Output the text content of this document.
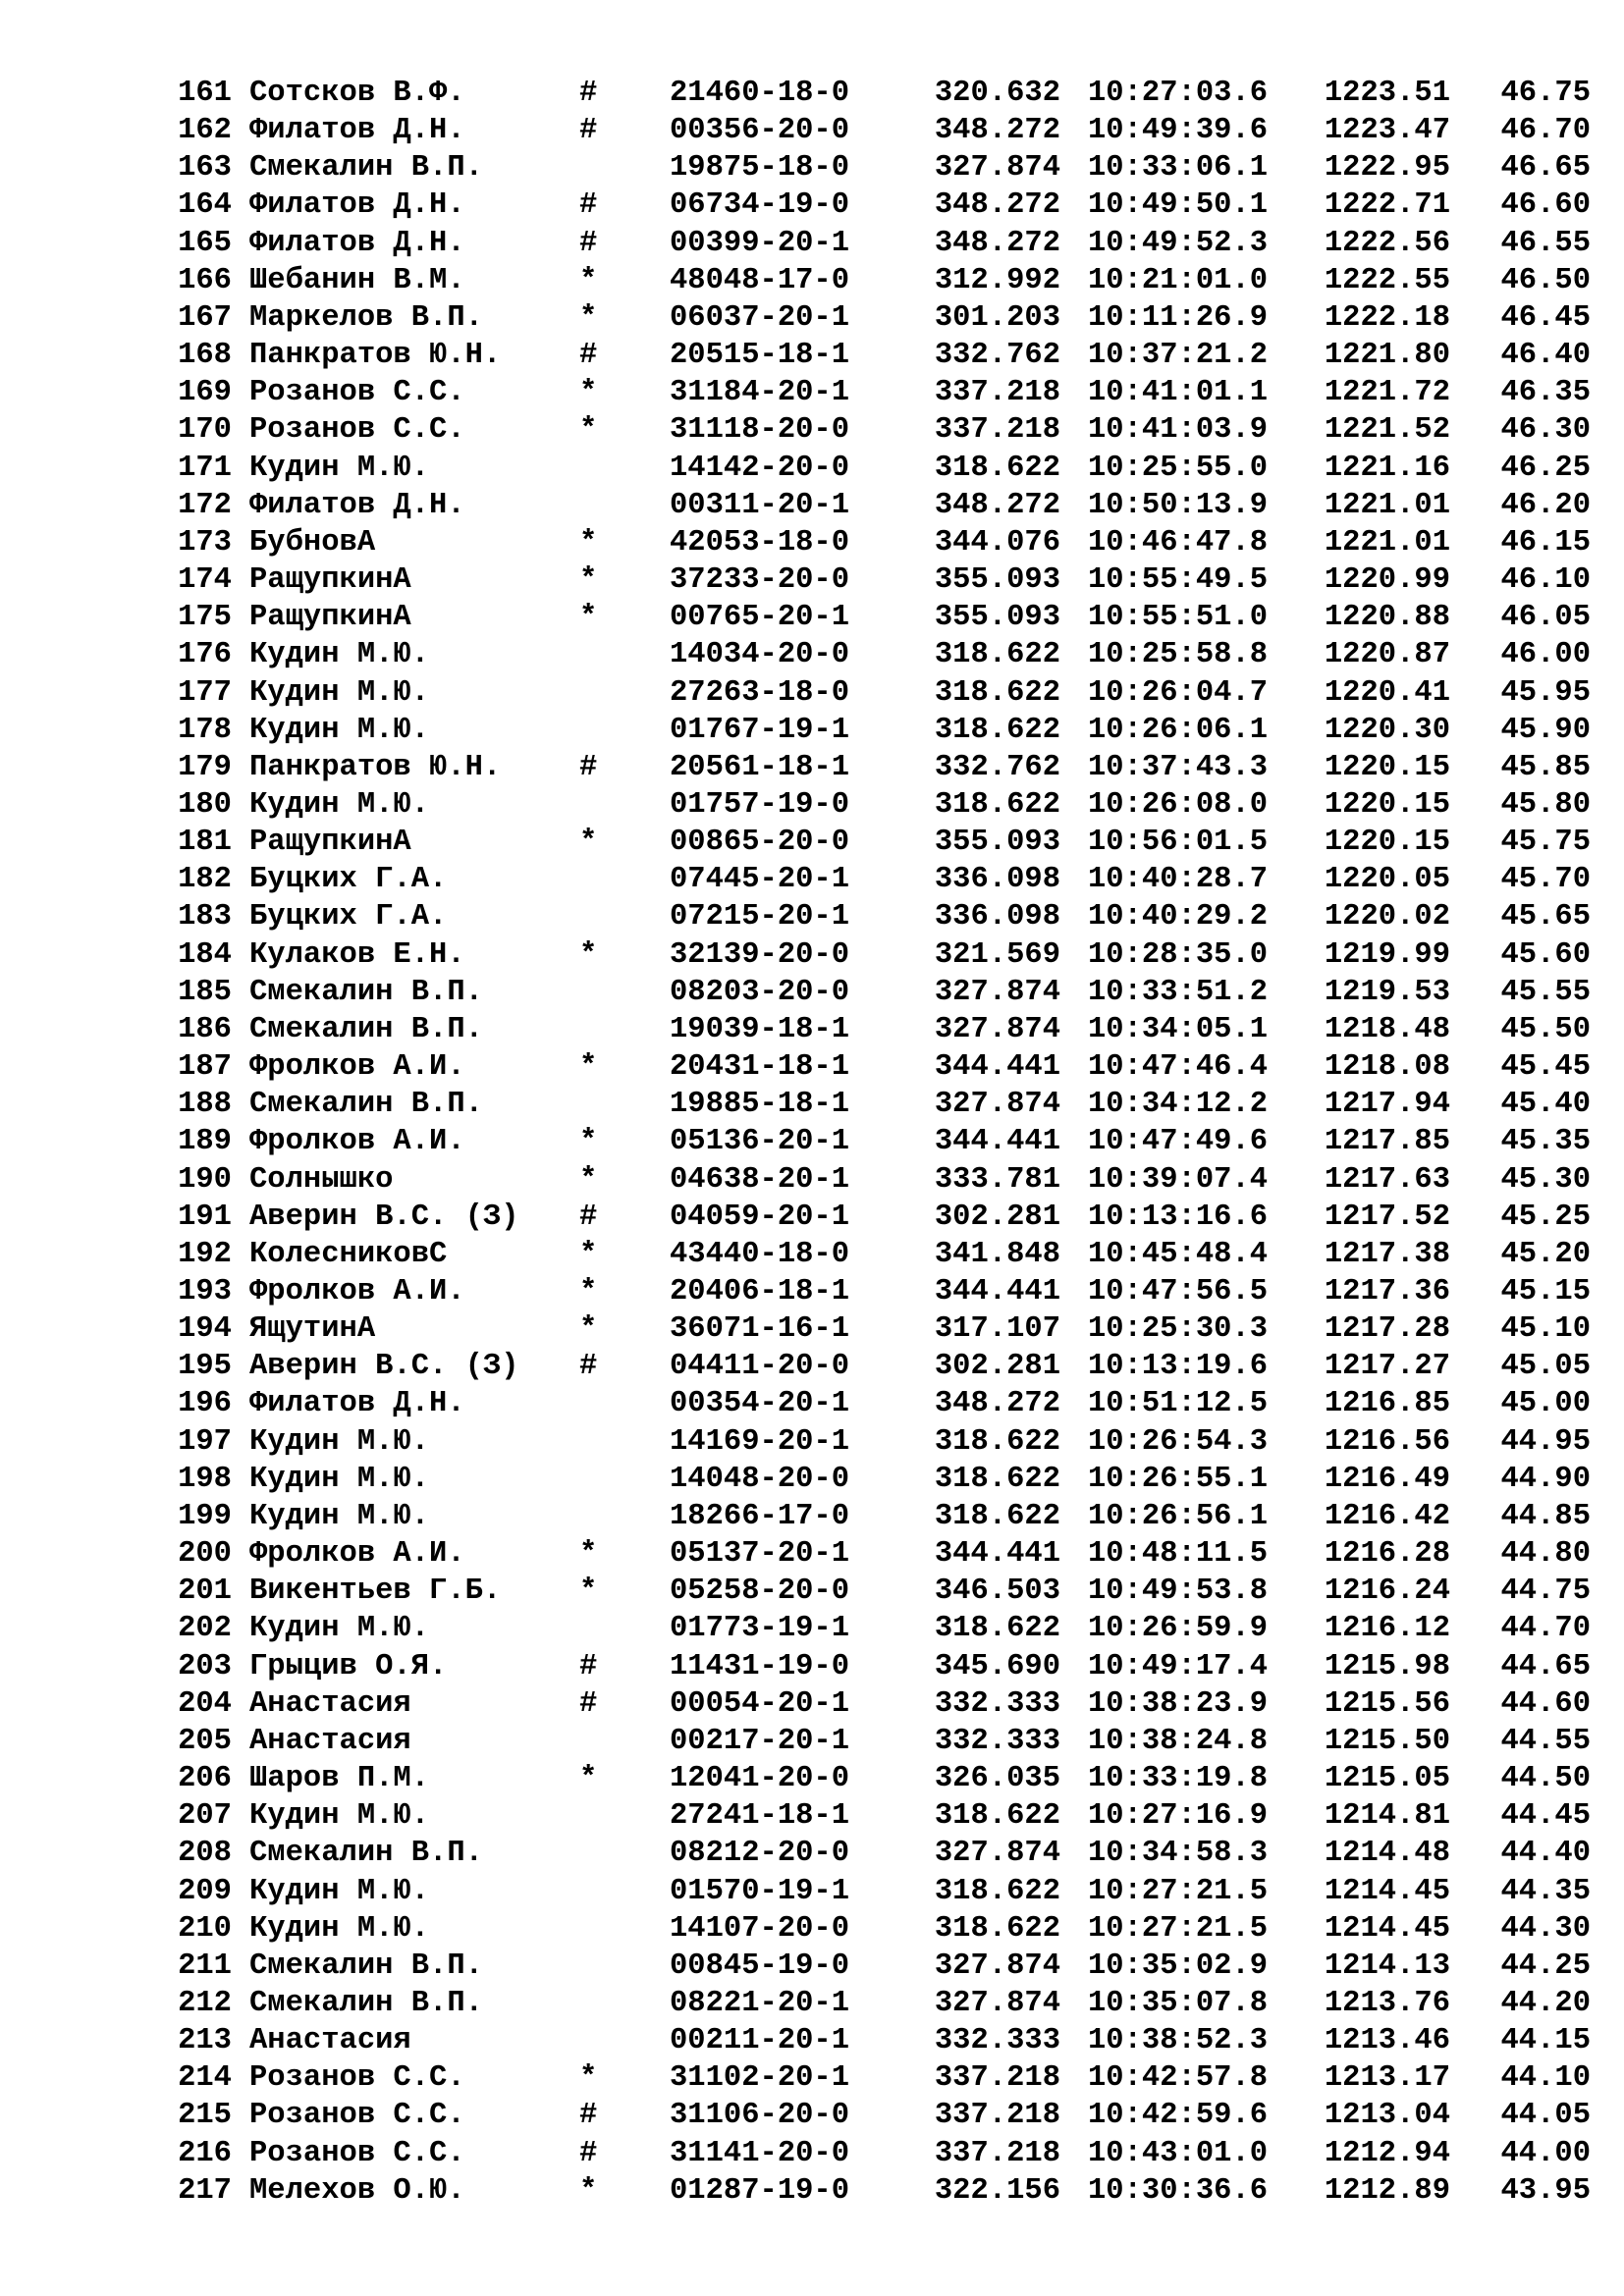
161 Сотсков В.Ф.	# 21460-18-0	320.632 10:27:03.6	1223.51	46.75
162 Филатов Д.Н.	# 00356-20-0	348.272 10:49:39.6	1223.47	46.70
163 Смекалин В.П.	19875-18-0	327.874 10:33:06.1	1222.95	46.65
164 Филатов Д.Н.	# 06734-19-0	348.272 10:49:50.1	1222.71	46.60
165 Филатов Д.Н.	# 00399-20-1	348.272 10:49:52.3	1222.56	46.55
166 Шебанин В.М.	* 48048-17-0	312.992 10:21:01.0	1222.55	46.50
167 Маркелов В.П.	* 06037-20-1	301.203 10:11:26.9	1222.18	46.45
168 Панкратов Ю.Н.	# 20515-18-1	332.762 10:37:21.2	1221.80	46.40
169 Розанов С.С.	* 31184-20-1	337.218 10:41:01.1	1221.72	46.35
170 Розанов С.С.	* 31118-20-0	337.218 10:41:03.9	1221.52	46.30
171 Кудин М.Ю.	14142-20-0	318.622 10:25:55.0	1221.16	46.25
172 Филатов Д.Н.	00311-20-1	348.272 10:50:13.9	1221.01	46.20
173 БубновА	* 42053-18-0	344.076 10:46:47.8	1221.01	46.15
174 РащупкинА	* 37233-20-0	355.093 10:55:49.5	1220.99	46.10
175 РащупкинА	* 00765-20-1	355.093 10:55:51.0	1220.88	46.05
176 Кудин М.Ю.	14034-20-0	318.622 10:25:58.8	1220.87	46.00
177 Кудин М.Ю.	27263-18-0	318.622 10:26:04.7	1220.41	45.95
178 Кудин М.Ю.	01767-19-1	318.622 10:26:06.1	1220.30	45.90
179 Панкратов Ю.Н.	# 20561-18-1	332.762 10:37:43.3	1220.15	45.85
180 Кудин М.Ю.	01757-19-0	318.622 10:26:08.0	1220.15	45.80
181 РащупкинА	* 00865-20-0	355.093 10:56:01.5	1220.15	45.75
182 Буцких Г.А.	07445-20-1	336.098 10:40:28.7	1220.05	45.70
183 Буцких Г.А.	07215-20-1	336.098 10:40:29.2	1220.02	45.65
184 Кулаков Е.Н.	* 32139-20-0	321.569 10:28:35.0	1219.99	45.60
185 Смекалин В.П.	08203-20-0	327.874 10:33:51.2	1219.53	45.55
186 Смекалин В.П.	19039-18-1	327.874 10:34:05.1	1218.48	45.50
187 Фролков А.И.	* 20431-18-1	344.441 10:47:46.4	1218.08	45.45
188 Смекалин В.П.	19885-18-1	327.874 10:34:12.2	1217.94	45.40
189 Фролков А.И.	* 05136-20-1	344.441 10:47:49.6	1217.85	45.35
190 Солнышко	* 04638-20-1	333.781 10:39:07.4	1217.63	45.30
191 Аверин В.С. (З) # 04059-20-1	302.281 10:13:16.6	1217.52	45.25
192 КолесниковС	* 43440-18-0	341.848 10:45:48.4	1217.38	45.20
193 Фролков А.И.	* 20406-18-1	344.441 10:47:56.5	1217.36	45.15
194 ЯщутинА	* 36071-16-1	317.107 10:25:30.3	1217.28	45.10
195 Аверин В.С. (З) # 04411-20-0	302.281 10:13:19.6	1217.27	45.05
196 Филатов Д.Н.	00354-20-1	348.272 10:51:12.5	1216.85	45.00
197 Кудин М.Ю.	14169-20-1	318.622 10:26:54.3	1216.56	44.95
198 Кудин М.Ю.	14048-20-0	318.622 10:26:55.1	1216.49	44.90
199 Кудин М.Ю.	18266-17-0	318.622 10:26:56.1	1216.42	44.85
200 Фролков А.И.	* 05137-20-1	344.441 10:48:11.5	1216.28	44.80
201 Викентьев Г.Б.	* 05258-20-0	346.503 10:49:53.8	1216.24	44.75
202 Кудин М.Ю.	01773-19-1	318.622 10:26:59.9	1216.12	44.70
203 Грыцив О.Я.	# 11431-19-0	345.690 10:49:17.4	1215.98	44.65
204 Анастасия	# 00054-20-1	332.333 10:38:23.9	1215.56	44.60
205 Анастасия	00217-20-1	332.333 10:38:24.8	1215.50	44.55
206 Шаров П.М.	* 12041-20-0	326.035 10:33:19.8	1215.05	44.50
207 Кудин М.Ю.	27241-18-1	318.622 10:27:16.9	1214.81	44.45
208 Смекалин В.П.	08212-20-0	327.874 10:34:58.3	1214.48	44.40
209 Кудин М.Ю.	01570-19-1	318.622 10:27:21.5	1214.45	44.35
210 Кудин М.Ю.	14107-20-0	318.622 10:27:21.5	1214.45	44.30
211 Смекалин В.П.	00845-19-0	327.874 10:35:02.9	1214.13	44.25
212 Смекалин В.П.	08221-20-1	327.874 10:35:07.8	1213.76	44.20
213 Анастасия	00211-20-1	332.333 10:38:52.3	1213.46	44.15
214 Розанов С.С.	* 31102-20-1	337.218 10:42:57.8	1213.17	44.10
215 Розанов С.С.	# 31106-20-0	337.218 10:42:59.6	1213.04	44.05
216 Розанов С.С.	# 31141-20-0	337.218 10:43:01.0	1212.94	44.00
217 Мелехов О.Ю.	* 01287-19-0	322.156 10:30:36.6	1212.89	43.95
